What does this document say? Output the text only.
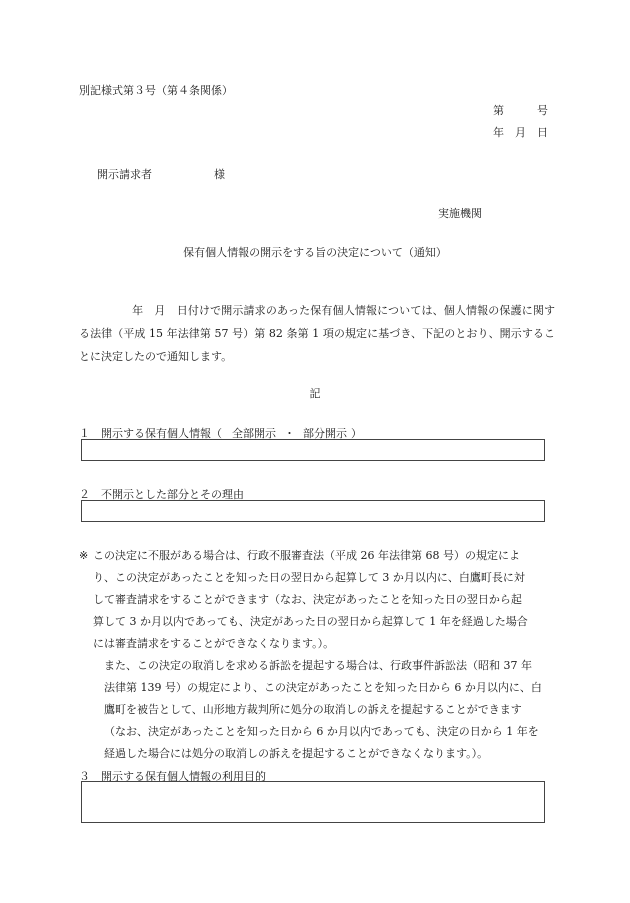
別記様式第３号（第４条関係）
第　　　号
年　月　日
開示請求者	様
実施機関
保有個人情報の開示をする旨の決定について（通知）
　年　月　日付けで開示請求のあった保有個人情報については、個人情報の保護に関する法律（平成 15 年法律第 57 号）第 82 条第 1 項の規定に基づき、下記のとおり、開示することに決定したので通知します。
記
１　開示する保有個人情報（ 全部開示 ・ 部分開示 ）
２　不開示とした部分とその理由
※ この決定に不服がある場合は、行政不服審査法（平成 26 年法律第 68 号）の規定によ
り、この決定があったことを知った日の翌日から起算して 3 か月以内に、白鷹町長に対
して審査請求をすることができます（なお、決定があったことを知った日の翌日から起
算して 3 か月以内であっても、決定があった日の翌日から起算して 1 年を経過した場合
には審査請求をすることができなくなります。）。
また、この決定の取消しを求める訴訟を提起する場合は、行政事件訴訟法（昭和 37 年
法律第 139 号）の規定により、この決定があったことを知った日から 6 か月以内に、白
鷹町を被告として、山形地方裁判所に処分の取消しの訴えを提起することができます
（なお、決定があったことを知った日から 6 か月以内であっても、決定の日から 1 年を
経過した場合には処分の取消しの訴えを提起することができなくなります。）。
３　開示する保有個人情報の利用目的
